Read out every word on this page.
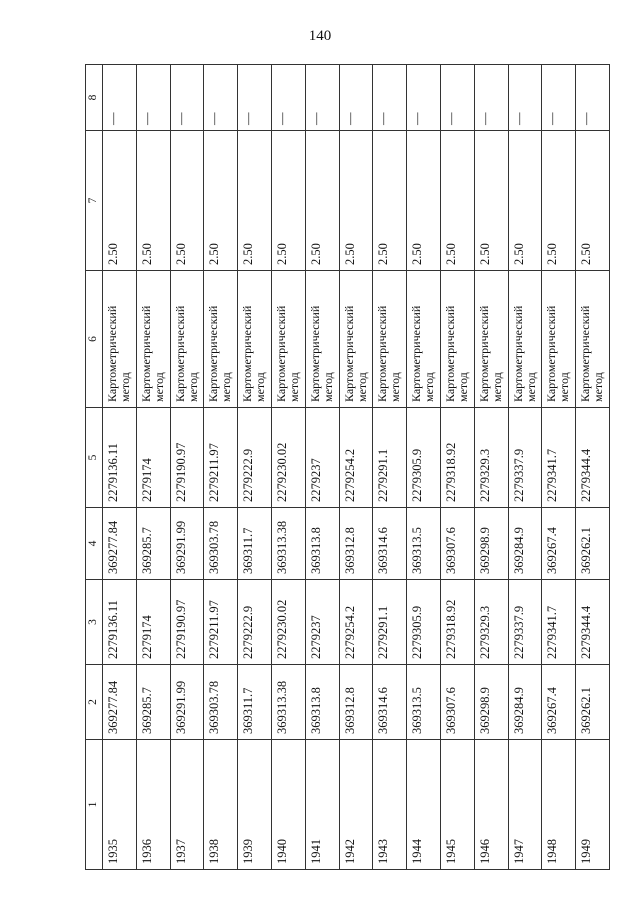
140
1	2	3	4	5	6	7	8
1935	369277.84	2279136.11	369277.84	2279136.11	Картометрический метод	2.50	—
1936	369285.7	2279174	369285.7	2279174	Картометрический метод	2.50	—
1937	369291.99	2279190.97	369291.99	2279190.97	Картометрический метод	2.50	—
1938	369303.78	2279211.97	369303.78	2279211.97	Картометрический метод	2.50	—
1939	369311.7	2279222.9	369311.7	2279222.9	Картометрический метод	2.50	—
1940	369313.38	2279230.02	369313.38	2279230.02	Картометрический метод	2.50	—
1941	369313.8	2279237	369313.8	2279237	Картометрический метод	2.50	—
1942	369312.8	2279254.2	369312.8	2279254.2	Картометрический метод	2.50	—
1943	369314.6	2279291.1	369314.6	2279291.1	Картометрический метод	2.50	—
1944	369313.5	2279305.9	369313.5	2279305.9	Картометрический метод	2.50	—
1945	369307.6	2279318.92	369307.6	2279318.92	Картометрический метод	2.50	—
1946	369298.9	2279329.3	369298.9	2279329.3	Картометрический метод	2.50	—
1947	369284.9	2279337.9	369284.9	2279337.9	Картометрический метод	2.50	—
1948	369267.4	2279341.7	369267.4	2279341.7	Картометрический метод	2.50	—
1949	369262.1	2279344.4	369262.1	2279344.4	Картометрический метод	2.50	—
